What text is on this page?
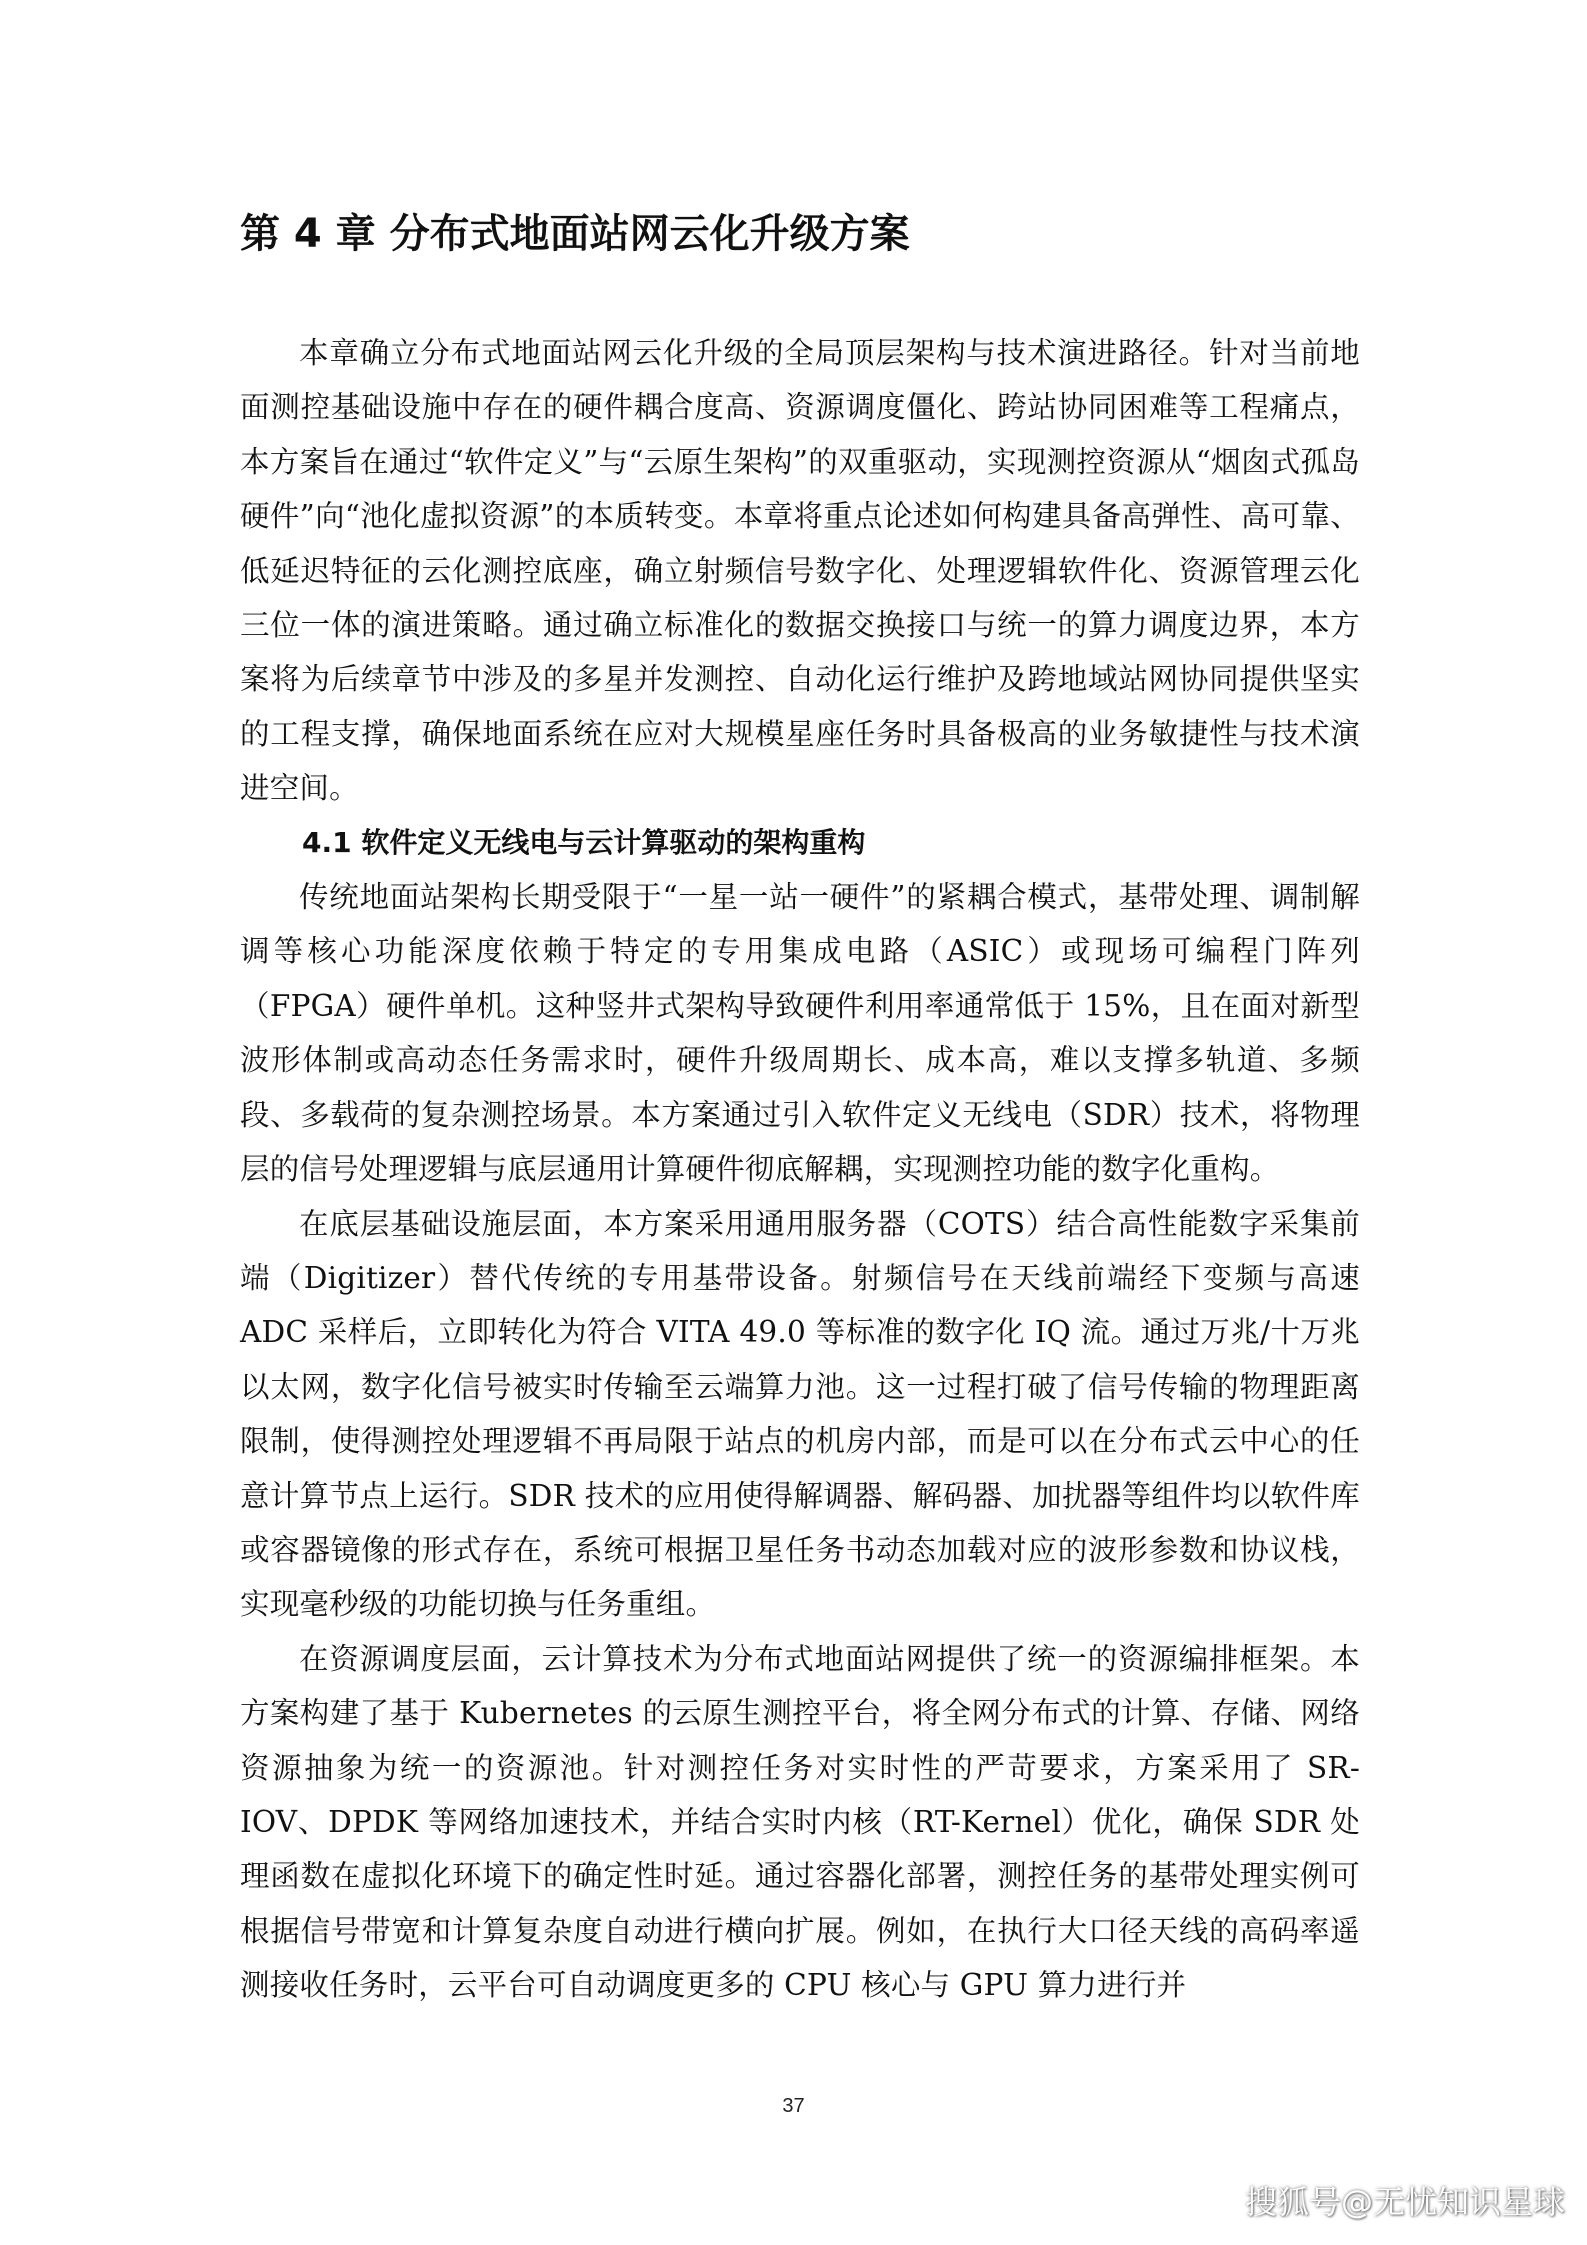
第 4 章 分布式地面站网云化升级方案

本章确立分布式地面站网云化升级的全局顶层架构与技术演进路径。针对当前地面测控基础设施中存在的硬件耦合度高、资源调度僵化、跨站协同困难等工程痛点，本方案旨在通过“软件定义”与“云原生架构”的双重驱动，实现测控资源从“烟囱式孤岛硬件”向“池化虚拟资源”的本质转变。本章将重点论述如何构建具备高弹性、高可靠、低延迟特征的云化测控底座，确立射频信号数字化、处理逻辑软件化、资源管理云化三位一体的演进策略。通过确立标准化的数据交换接口与统一的算力调度边界，本方案将为后续章节中涉及的多星并发测控、自动化运行维护及跨地域站网协同提供坚实的工程支撑，确保地面系统在应对大规模星座任务时具备极高的业务敏捷性与技术演进空间。

4.1 软件定义无线电与云计算驱动的架构重构

传统地面站架构长期受限于“一星一站一硬件”的紧耦合模式，基带处理、调制解调等核心功能深度依赖于特定的专用集成电路（ASIC）或现场可编程门阵列（FPGA）硬件单机。这种竖井式架构导致硬件利用率通常低于 15%，且在面对新型波形体制或高动态任务需求时，硬件升级周期长、成本高，难以支撑多轨道、多频段、多载荷的复杂测控场景。本方案通过引入软件定义无线电（SDR）技术，将物理层的信号处理逻辑与底层通用计算硬件彻底解耦，实现测控功能的数字化重构。

在底层基础设施层面，本方案采用通用服务器（COTS）结合高性能数字采集前端（Digitizer）替代传统的专用基带设备。射频信号在天线前端经下变频与高速 ADC 采样后，立即转化为符合 VITA 49.0 等标准的数字化 IQ 流。通过万兆/十万兆以太网，数字化信号被实时传输至云端算力池。这一过程打破了信号传输的物理距离限制，使得测控处理逻辑不再局限于站点的机房内部，而是可以在分布式云中心的任意计算节点上运行。SDR 技术的应用使得解调器、解码器、加扰器等组件均以软件库或容器镜像的形式存在，系统可根据卫星任务书动态加载对应的波形参数和协议栈，实现毫秒级的功能切换与任务重组。

在资源调度层面，云计算技术为分布式地面站网提供了统一的资源编排框架。本方案构建了基于 Kubernetes 的云原生测控平台，将全网分布式的计算、存储、网络资源抽象为统一的资源池。针对测控任务对实时性的严苛要求，方案采用了 SR-IOV、DPDK 等网络加速技术，并结合实时内核（RT-Kernel）优化，确保 SDR 处理函数在虚拟化环境下的确定性时延。通过容器化部署，测控任务的基带处理实例可根据信号带宽和计算复杂度自动进行横向扩展。例如，在执行大口径天线的高码率遥测接收任务时，云平台可自动调度更多的 CPU 核心与 GPU 算力进行并

37
搜狐号@无忧知识星球
